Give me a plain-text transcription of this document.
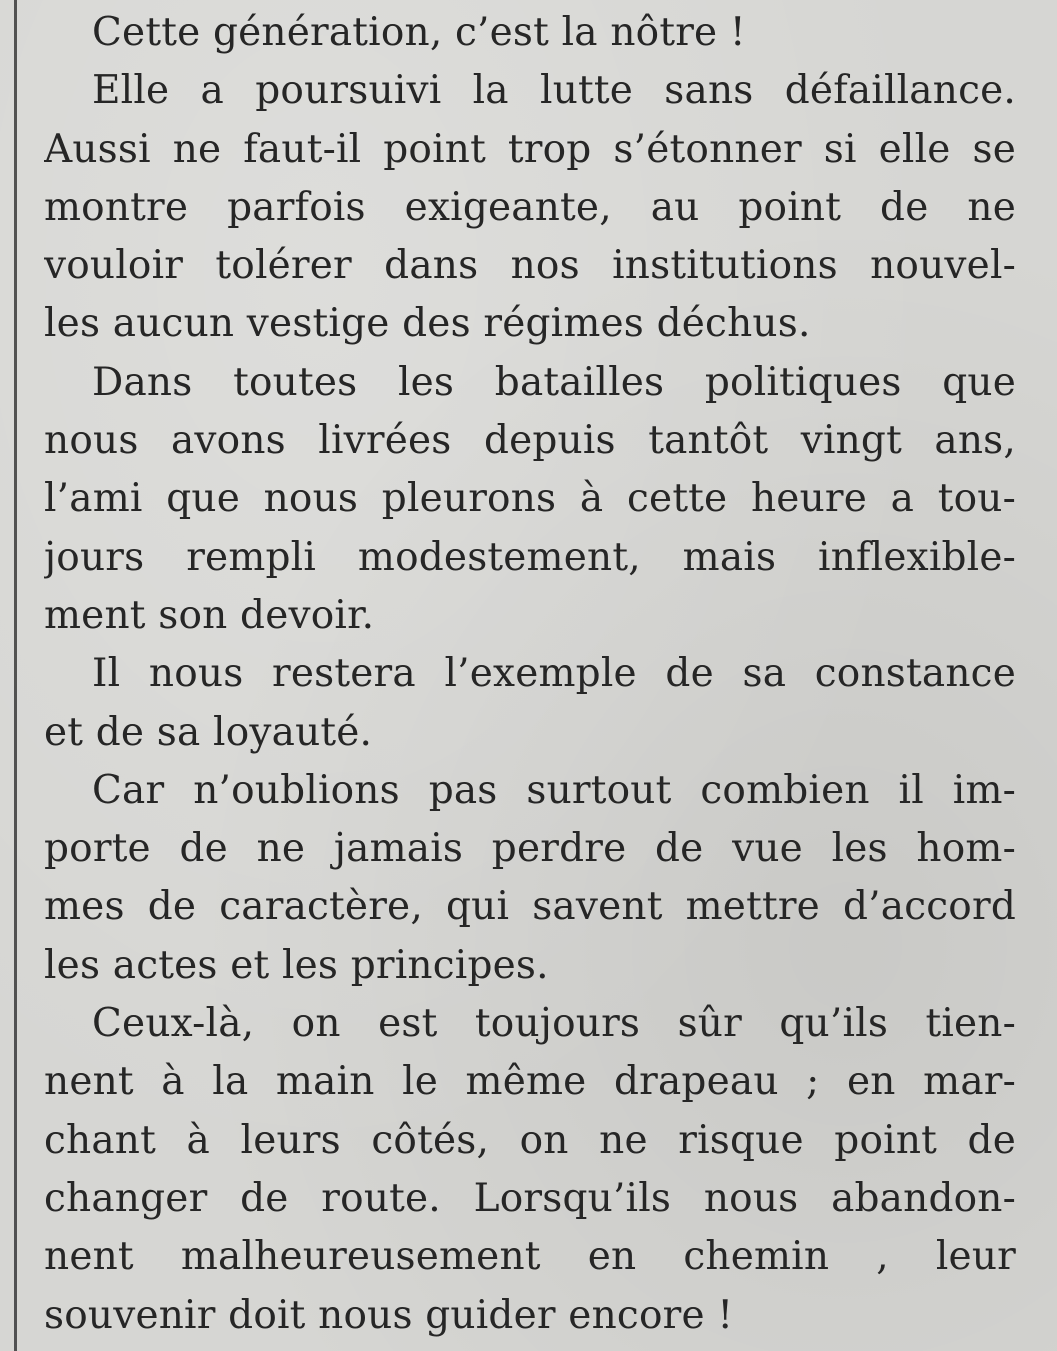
Cette génération, c’est la nôtre !
Elle a poursuivi la lutte sans défaillance.
Aussi ne faut-il point trop s’étonner si elle se
montre parfois exigeante, au point de ne
vouloir tolérer dans nos institutions nouvel-
les aucun vestige des régimes déchus.
Dans toutes les batailles politiques que
nous avons livrées depuis tantôt vingt ans,
l’ami que nous pleurons à cette heure a tou-
jours rempli modestement, mais inflexible-
ment son devoir.
Il nous restera l’exemple de sa constance
et de sa loyauté.
Car n’oublions pas surtout combien il im-
porte de ne jamais perdre de vue les hom-
mes de caractère, qui savent mettre d’accord
les actes et les principes.
Ceux-là, on est toujours sûr qu’ils tien-
nent à la main le même drapeau ; en mar-
chant à leurs côtés, on ne risque point de
changer de route. Lorsqu’ils nous abandon-
nent malheureusement en chemin , leur
souvenir doit nous guider encore !
